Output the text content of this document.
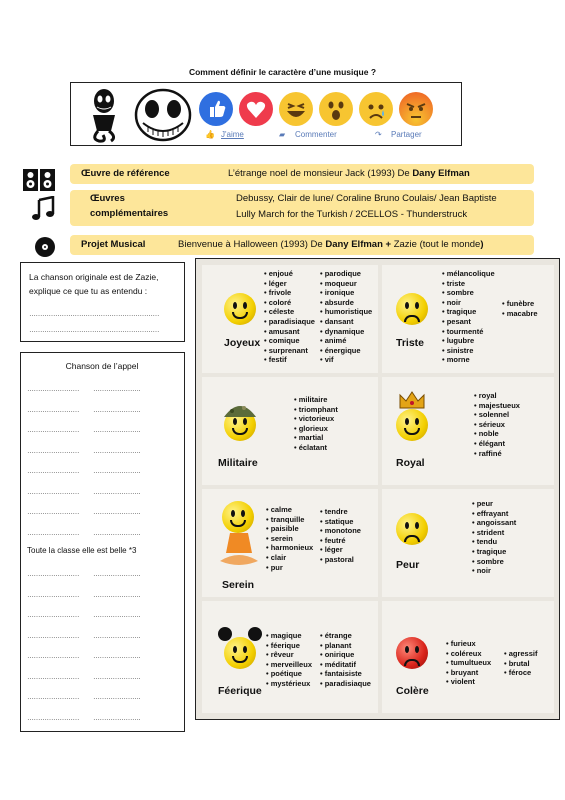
Comment définir le caractère d’une musique ?
👍 J'aime	▰ Commenter	↷ Partager
Œuvre de référence	L’étrange noel de monsieur Jack (1993) De Dany Elfman
Œuvres
complémentaires
Debussy, Clair de lune/ Coraline Bruno Coulais/ Jean Baptiste
Lully March for the Turkish / 2CELLOS - Thunderstruck
Projet Musical	Bienvenue à Halloween (1993) De Dany Elfman + Zazie (tout le monde)
La chanson originale est de Zazie,
explique ce que tu as entendu :
……………………………………………………
……………………………………………………
Chanson de l’appel
Toute la classe elle est belle *3
…………………… ………………….
…………………… ………………….
…………………… ………………….
…………………… ………………….
…………………… ………………….
…………………… ………………….
…………………… ………………….
…………………… ………………….
…………………… ………………….
…………………… ………………….
…………………… ………………….
…………………… ………………….
…………………… ………………….
…………………… ………………….
…………………… ………………….
…………………… ………………….
Joyeux
• enjoué
• léger
• frivole
• coloré
• céleste
• paradisiaque
• amusant
• comique
• surprenant
• festif
• parodique
• moqueur
• ironique
• absurde
• humoristique
• dansant
• dynamique
• animé
• énergique
• vif
Triste
• mélancolique
• triste
• sombre
• noir
• tragique
• pesant
• tourmenté
• lugubre
• sinistre
• morne
• funèbre
• macabre
Militaire
• militaire
• triomphant
• victorieux
• glorieux
• martial
• éclatant
Royal
• royal
• majestueux
• solennel
• sérieux
• noble
• élégant
• raffiné
Serein
• calme
• tranquille
• paisible
• serein
• harmonieux
• clair
• pur
• tendre
• statique
• monotone
• feutré
• léger
• pastoral	Peur
• peur
• effrayant
• angoissant
• strident
• tendu
• tragique
• sombre
• noir
Féerique
• magique
• féerique
• rêveur
• merveilleux
• poétique
• mystérieux
• étrange
• planant
• onirique
• méditatif
• fantaisiste
• paradisiaque
Colère
• furieux
• coléreux
• tumultueux
• bruyant
• violent
• agressif
• brutal
• féroce
